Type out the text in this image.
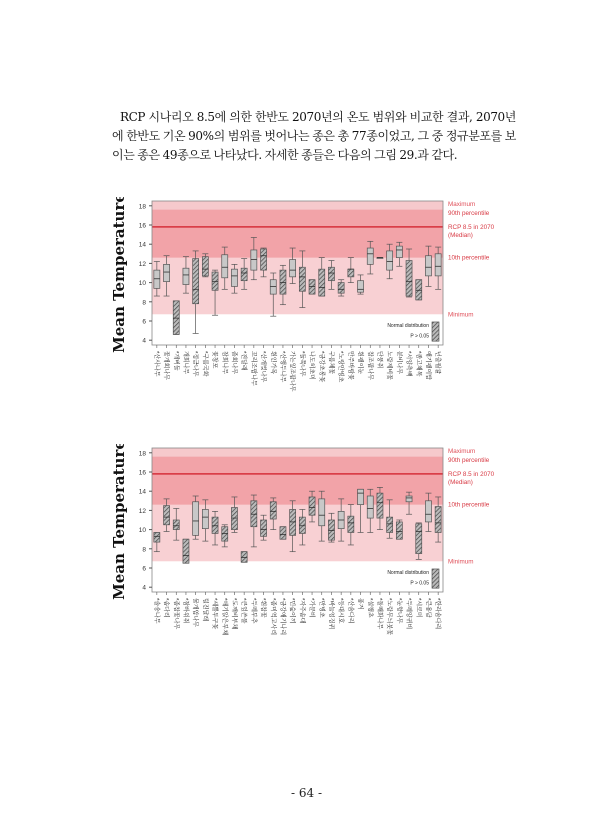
RCP 시나리오 8.5에 의한 한반도 2070년의 온도 범위와 비교한 결과, 2070년에 한반도 기온 90%의 범위를 벗어나는 종은 총 77종이었고, 그 중 정규분포를 보이는 종은 49종으로 나타났다. 자세한 종들은 다음의 그림 29.과 같다.

4
6
8
10
12
14
16
18
Mean Temperature	Maximum
90th percentile
RCP 8.5 in 2070
(Median)
10th percentile
Minimum
Normal distribution
P > 0.05
*산사나무 꽃개회나무 *개버들 개회나무 *정금나무 *구름국화 꽃창포 참회나무 좀회나무 *진달래 꼬리조팝나무 *산개벚나무 흰인가목 *산앵두나무 가는잎조팝나무 *들쭉나무 나도히초미 *금강초롱꽃 구름체꽃 *노랑만병초 만주바람꽃 흰괭이눈 참조팝나무 단풍취 노랑제비꽃 분비나무 *서양측백 *좀고채목 애기괭이밥 넌출월귤
4
6
8
10
12
14
16
18
Mean Temperature	Maximum
90th percentile
RCP 8.5 in 2070
(Median)
10th percentile
Minimum
Normal distribution
P > 0.05
*솔송나무 *솜다리 *좀참꽃나무 *참바위취 물개암나무 털진달래 *세뿔투구꽃 *애기앉은부채 *도깨비부채 *큰잎쓴풀 *두메부추 *흰참꽃 *좀미역고사리 *금강애기나리 *민숲이끼 *자주솜대 *가문비 *만병초 *바늘엉겅퀴 *등대시호 *산솜다리 풍겨 *설앵초 *돌매화나무 *노랑무늬붓꽃 *눈향나무 *두메양귀비 *시로미 *큰용담 *한라솜다리
- 64 -
